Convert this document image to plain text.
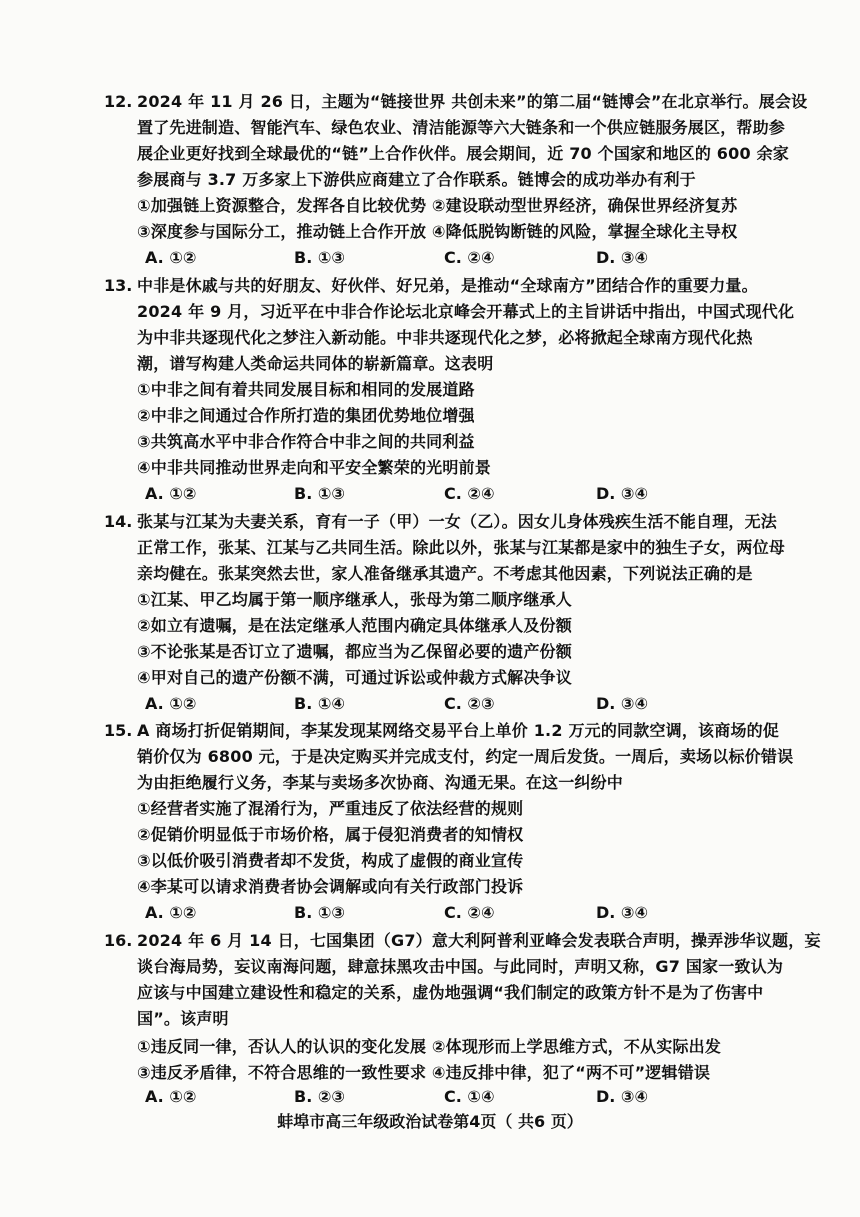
12. 2024 年 11 月 26 日，主题为“链接世界 共创未来”的第二届“链博会”在北京举行。展会设
置了先进制造、智能汽车、绿色农业、清洁能源等六大链条和一个供应链服务展区，帮助参
展企业更好找到全球最优的“链”上合作伙伴。展会期间，近 70 个国家和地区的 600 余家
参展商与 3.7 万多家上下游供应商建立了合作联系。链博会的成功举办有利于
①加强链上资源整合，发挥各自比较优势 ②建设联动型世界经济，确保世界经济复苏
③深度参与国际分工，推动链上合作开放 ④降低脱钩断链的风险，掌握全球化主导权
A. ①②	B. ①③	C. ②④	D. ③④
13. 中非是休戚与共的好朋友、好伙伴、好兄弟，是推动“全球南方”团结合作的重要力量。
2024 年 9 月，习近平在中非合作论坛北京峰会开幕式上的主旨讲话中指出，中国式现代化
为中非共逐现代化之梦注入新动能。中非共逐现代化之梦，必将掀起全球南方现代化热
潮，谱写构建人类命运共同体的崭新篇章。这表明
①中非之间有着共同发展目标和相同的发展道路
②中非之间通过合作所打造的集团优势地位增强
③共筑高水平中非合作符合中非之间的共同利益
④中非共同推动世界走向和平安全繁荣的光明前景
A. ①②	B. ①③	C. ②④	D. ③④
14. 张某与江某为夫妻关系，育有一子（甲）一女（乙）。因女儿身体残疾生活不能自理，无法
正常工作，张某、江某与乙共同生活。除此以外，张某与江某都是家中的独生子女，两位母
亲均健在。张某突然去世，家人准备继承其遗产。不考虑其他因素，下列说法正确的是
①江某、甲乙均属于第一顺序继承人，张母为第二顺序继承人
②如立有遗嘱，是在法定继承人范围内确定具体继承人及份额
③不论张某是否订立了遗嘱，都应当为乙保留必要的遗产份额
④甲对自己的遗产份额不满，可通过诉讼或仲裁方式解决争议
A. ①②	B. ①④	C. ②③	D. ③④
15. A 商场打折促销期间，李某发现某网络交易平台上单价 1.2 万元的同款空调，该商场的促
销价仅为 6800 元，于是决定购买并完成支付，约定一周后发货。一周后，卖场以标价错误
为由拒绝履行义务，李某与卖场多次协商、沟通无果。在这一纠纷中
①经营者实施了混淆行为，严重违反了依法经营的规则
②促销价明显低于市场价格，属于侵犯消费者的知情权
③以低价吸引消费者却不发货，构成了虚假的商业宣传
④李某可以请求消费者协会调解或向有关行政部门投诉
A. ①②	B. ①③	C. ②④	D. ③④
16. 2024 年 6 月 14 日，七国集团（G7）意大利阿普利亚峰会发表联合声明，操弄涉华议题，妄
谈台海局势，妄议南海问题，肆意抹黑攻击中国。与此同时，声明又称，G7 国家一致认为
应该与中国建立建设性和稳定的关系，虚伪地强调“我们制定的政策方针不是为了伤害中
国”。该声明
①违反同一律，否认人的认识的变化发展 ②体现形而上学思维方式，不从实际出发
③违反矛盾律，不符合思维的一致性要求 ④违反排中律，犯了“两不可”逻辑错误
A. ①②	B. ②③	C. ①④	D. ③④
蚌埠市高三年级政治试卷第4页（ 共6 页）
